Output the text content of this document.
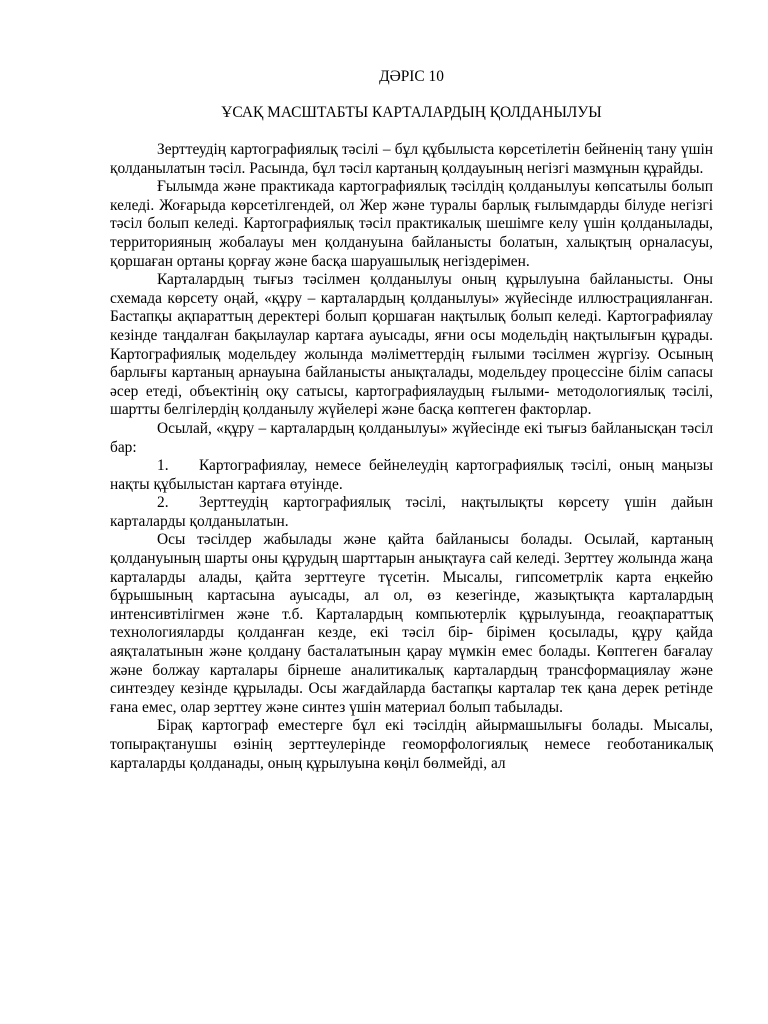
ДӘРІС 10

ҰСАҚ МАСШТАБТЫ КАРТАЛАРДЫҢ ҚОЛДАНЫЛУЫ

Зерттеудің картографиялық тәсілі – бұл құбылыста көрсетілетін бейненің тану үшін қолданылатын тәсіл. Расында, бұл тәсіл картаның қолдауының негізгі мазмұнын құрайды.

Ғылымда және практикада картографиялық тәсілдің қолданылуы көпсатылы болып келеді. Жоғарыда көрсетілгендей, ол Жер және туралы барлық ғылымдарды білуде негізгі тәсіл болып келеді. Картографиялық тәсіл практикалық шешімге келу үшін қолданылады, территорияның жобалауы мен қолдануына байланысты болатын, халықтың орналасуы, қоршаған ортаны қорғау және басқа шаруашылық негіздерімен.

Карталардың тығыз тәсілмен қолданылуы оның құрылуына байланысты. Оны схемада көрсету оңай, «құру – карталардың қолданылуы» жүйесінде иллюстрацияланған. Бастапқы ақпараттың деректері болып қоршаған нақтылық болып келеді. Картографиялау кезінде таңдалған бақылаулар картаға ауысады, яғни осы модельдің нақтылығын құрады. Картографиялық модельдеу жолында мәліметтердің ғылыми тәсілмен жүргізу. Осының барлығы картаның арнауына байланысты анықталады, модельдеу процессіне білім сапасы әсер етеді, объектінің оқу сатысы, картографиялаудың ғылыми- методологиялық тәсілі, шартты белгілердің қолданылу жүйелері және басқа көптеген факторлар.

Осылай, «құру – карталардың қолданылуы» жүйесінде екі тығыз байланысқан тәсіл бар:

1. Картографиялау, немесе бейнелеудің картографиялық тәсілі, оның маңызы нақты құбылыстан картаға өтуінде.

2. Зерттеудің картографиялық тәсілі, нақтылықты көрсету үшін дайын карталарды қолданылатын.

Осы тәсілдер жабылады және қайта байланысы болады. Осылай, картаның қолдануының шарты оны құрудың шарттарын анықтауға сай келеді. Зерттеу жолында жаңа карталарды алады, қайта зерттеуге түсетін. Мысалы, гипсометрлік карта еңкейю бұрышының картасына ауысады, ал ол, өз кезегінде, жазықтықта карталардың интенсивтілігмен және т.б. Карталардың компьютерлік құрылуында, геоақпараттық технологияларды қолданған кезде, екі тәсіл бір- бірімен қосылады, құру қайда аяқталатынын және қолдану басталатынын қарау мүмкін емес болады. Көптеген бағалау және болжау карталары бірнеше аналитикалық карталардың трансформациялау және синтездеу кезінде құрылады. Осы жағдайларда бастапқы карталар тек қана дерек ретінде ғана емес, олар зерттеу және синтез үшін материал болып табылады.

Бірақ картограф еместерге бұл екі тәсілдің айырмашылығы болады. Мысалы, топырақтанушы өзінің зерттеулерінде геоморфологиялық немесе геоботаникалық карталарды қолданады, оның құрылуына көңіл бөлмейді, ал
